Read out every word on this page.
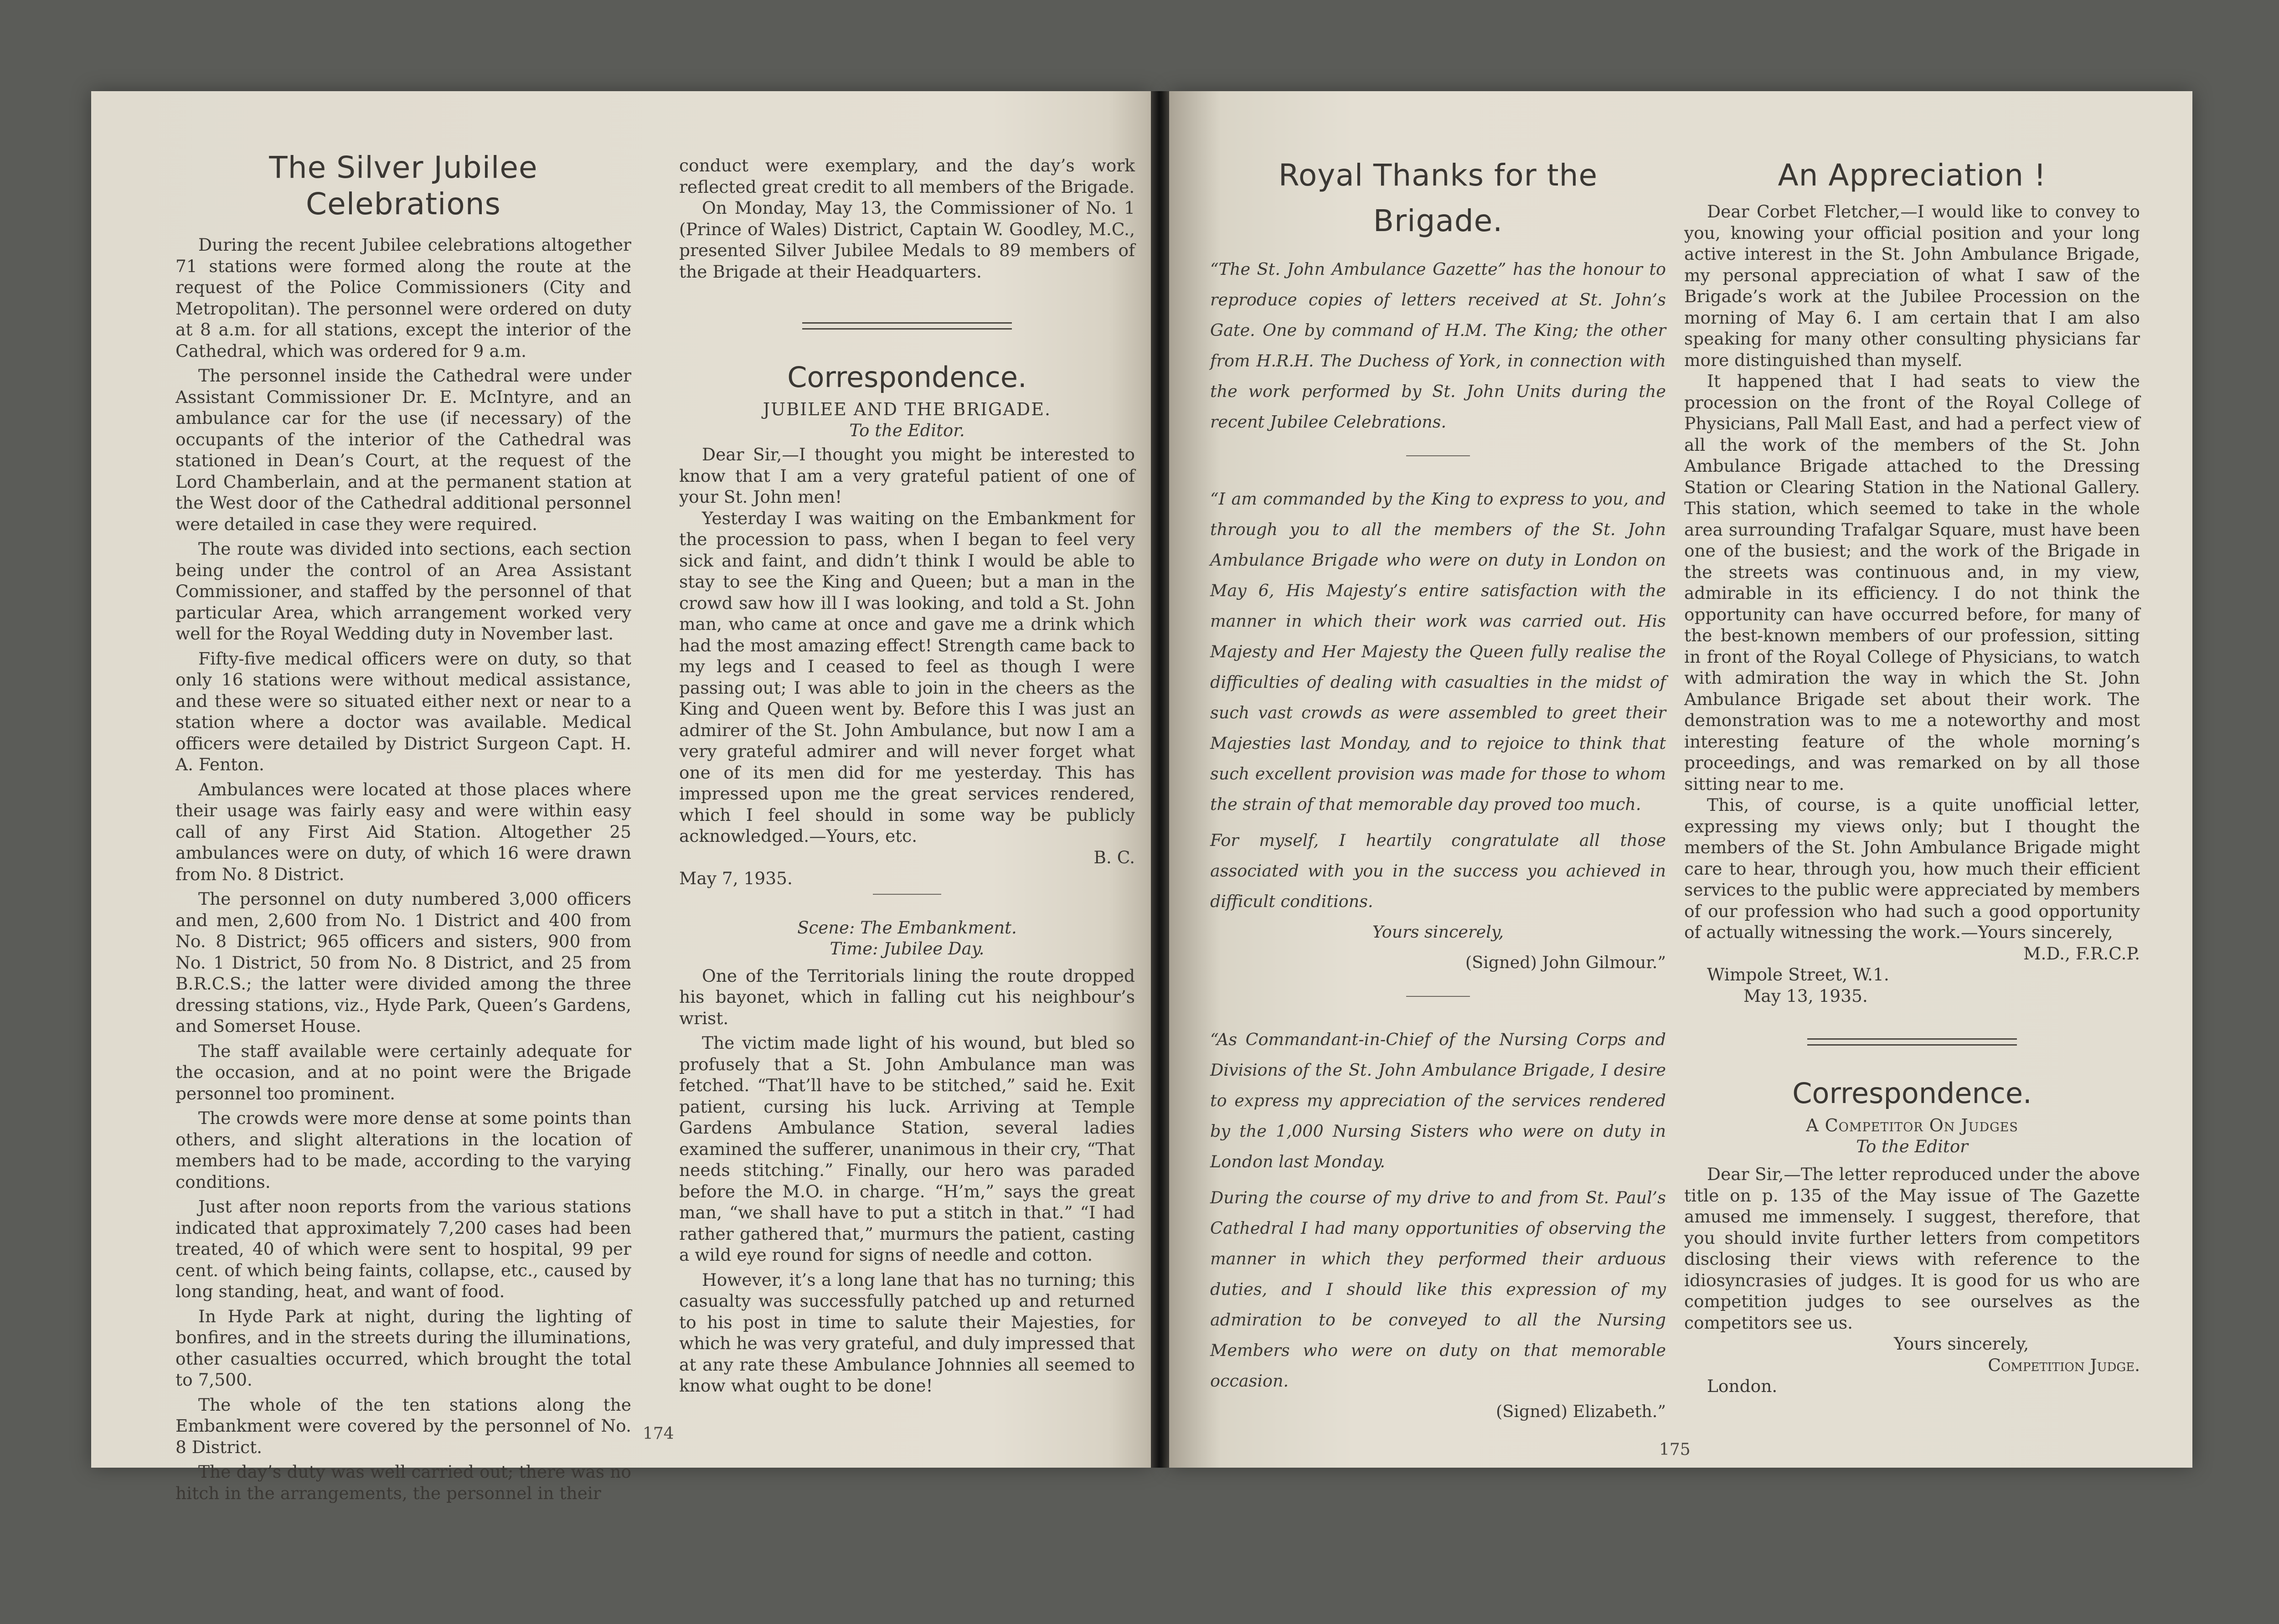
The Silver Jubilee Celebrations

During the recent Jubilee celebrations altogether 71 stations were formed along the route at the request of the Police Commissioners (City and Metropolitan). The personnel were ordered on duty at 8 a.m. for all stations, except the interior of the Cathedral, which was ordered for 9 a.m.

The personnel inside the Cathedral were under Assistant Commissioner Dr. E. McIntyre, and an ambulance car for the use (if necessary) of the occupants of the interior of the Cathedral was stationed in Dean’s Court, at the request of the Lord Chamberlain, and at the permanent station at the West door of the Cathedral additional personnel were detailed in case they were required.

The route was divided into sections, each section being under the control of an Area Assistant Commissioner, and staffed by the personnel of that particular Area, which arrangement worked very well for the Royal Wedding duty in November last.

Fifty-five medical officers were on duty, so that only 16 stations were without medical assistance, and these were so situated either next or near to a station where a doctor was available. Medical officers were detailed by District Surgeon Capt. H. A. Fenton.

Ambulances were located at those places where their usage was fairly easy and were within easy call of any First Aid Station. Altogether 25 ambulances were on duty, of which 16 were drawn from No. 8 District.

The personnel on duty numbered 3,000 officers and men, 2,600 from No. 1 District and 400 from No. 8 District; 965 officers and sisters, 900 from No. 1 District, 50 from No. 8 District, and 25 from B.R.C.S.; the latter were divided among the three dressing stations, viz., Hyde Park, Queen’s Gardens, and Somerset House.

The staff available were certainly adequate for the occasion, and at no point were the Brigade personnel too prominent.

The crowds were more dense at some points than others, and slight alterations in the location of members had to be made, according to the varying conditions.

Just after noon reports from the various stations indicated that approximately 7,200 cases had been treated, 40 of which were sent to hospital, 99 per cent. of which being faints, collapse, etc., caused by long standing, heat, and want of food.

In Hyde Park at night, during the lighting of bonfires, and in the streets during the illuminations, other casualties occurred, which brought the total to 7,500.

The whole of the ten stations along the Embankment were covered by the personnel of No. 8 District.

The day’s duty was well carried out; there was no hitch in the arrangements, the personnel in their

conduct were exemplary, and the day’s work reflected great credit to all members of the Brigade.

On Monday, May 13, the Commissioner of No. 1 (Prince of Wales) District, Captain W. Goodley, M.C., presented Silver Jubilee Medals to 89 members of the Brigade at their Headquarters.

Correspondence.
JUBILEE AND THE BRIGADE.
To the Editor.

Dear Sir,—I thought you might be interested to know that I am a very grateful patient of one of your St. John men!

Yesterday I was waiting on the Embankment for the procession to pass, when I began to feel very sick and faint, and didn’t think I would be able to stay to see the King and Queen; but a man in the crowd saw how ill I was looking, and told a St. John man, who came at once and gave me a drink which had the most amazing effect! Strength came back to my legs and I ceased to feel as though I were passing out; I was able to join in the cheers as the King and Queen went by. Before this I was just an admirer of the St. John Ambulance, but now I am a very grateful admirer and will never forget what one of its men did for me yesterday. This has impressed upon me the great services rendered, which I feel should in some way be publicly acknowledged.—Yours, etc.

B. C.

May 7, 1935.

Scene: The Embankment.
Time: Jubilee Day.

One of the Territorials lining the route dropped his bayonet, which in falling cut his neighbour’s wrist.

The victim made light of his wound, but bled so profusely that a St. John Ambulance man was fetched. “That’ll have to be stitched,” said he. Exit patient, cursing his luck. Arriving at Temple Gardens Ambulance Station, several ladies examined the sufferer, unanimous in their cry, “That needs stitching.” Finally, our hero was paraded before the M.O. in charge. “H’m,” says the great man, “we shall have to put a stitch in that.” “I had rather gathered that,” murmurs the patient, casting a wild eye round for signs of needle and cotton.

However, it’s a long lane that has no turning; this casualty was successfully patched up and returned to his post in time to salute their Majesties, for which he was very grateful, and duly impressed that at any rate these Ambulance Johnnies all seemed to know what ought to be done!

174
Royal Thanks for the
Brigade.

“The St. John Ambulance Gazette” has the honour to reproduce copies of letters received at St. John’s Gate. One by command of H.M. The King; the other from H.R.H. The Duchess of York, in connection with the work performed by St. John Units during the recent Jubilee Celebrations.

“I am commanded by the King to express to you, and through you to all the members of the St. John Ambulance Brigade who were on duty in London on May 6, His Majesty’s entire satisfaction with the manner in which their work was carried out. His Majesty and Her Majesty the Queen fully realise the difficulties of dealing with casualties in the midst of such vast crowds as were assembled to greet their Majesties last Monday, and to rejoice to think that such excellent provision was made for those to whom the strain of that memorable day proved too much.

For myself, I heartily congratulate all those associated with you in the success you achieved in difficult conditions.

Yours sincerely,

(Signed) John Gilmour.”

“As Commandant-in-Chief of the Nursing Corps and Divisions of the St. John Ambulance Brigade, I desire to express my appreciation of the services rendered by the 1,000 Nursing Sisters who were on duty in London last Monday.

During the course of my drive to and from St. Paul’s Cathedral I had many opportunities of observing the manner in which they performed their arduous duties, and I should like this expression of my admiration to be conveyed to all the Nursing Members who were on duty on that memorable occasion.

(Signed) Elizabeth.”

An Appreciation !

Dear Corbet Fletcher,—I would like to convey to you, knowing your official position and your long active interest in the St. John Ambulance Brigade, my personal appreciation of what I saw of the Brigade’s work at the Jubilee Procession on the morning of May 6. I am certain that I am also speaking for many other consulting physicians far more distinguished than myself.

It happened that I had seats to view the procession on the front of the Royal College of Physicians, Pall Mall East, and had a perfect view of all the work of the members of the St. John Ambulance Brigade attached to the Dressing Station or Clearing Station in the National Gallery. This station, which seemed to take in the whole area surrounding Trafalgar Square, must have been one of the busiest; and the work of the Brigade in the streets was continuous and, in my view, admirable in its efficiency. I do not think the opportunity can have occurred before, for many of the best-known members of our profession, sitting in front of the Royal College of Physicians, to watch with admiration the way in which the St. John Ambulance Brigade set about their work. The demonstration was to me a noteworthy and most interesting feature of the whole morning’s proceedings, and was remarked on by all those sitting near to me.

This, of course, is a quite unofficial letter, expressing my views only; but I thought the members of the St. John Ambulance Brigade might care to hear, through you, how much their efficient services to the public were appreciated by members of our profession who had such a good opportunity of actually witnessing the work.—Yours sincerely,

M.D., F.R.C.P.

Wimpole Street, W.1.

May 13, 1935.

Correspondence.
A Competitor On Judges
To the Editor

Dear Sir,—The letter reproduced under the above title on p. 135 of the May issue of The Gazette amused me immensely. I suggest, therefore, that you should invite further letters from competitors disclosing their views with reference to the idiosyncrasies of judges. It is good for us who are competition judges to see ourselves as the competitors see us.

Yours sincerely,

Competition Judge.

London.

175
